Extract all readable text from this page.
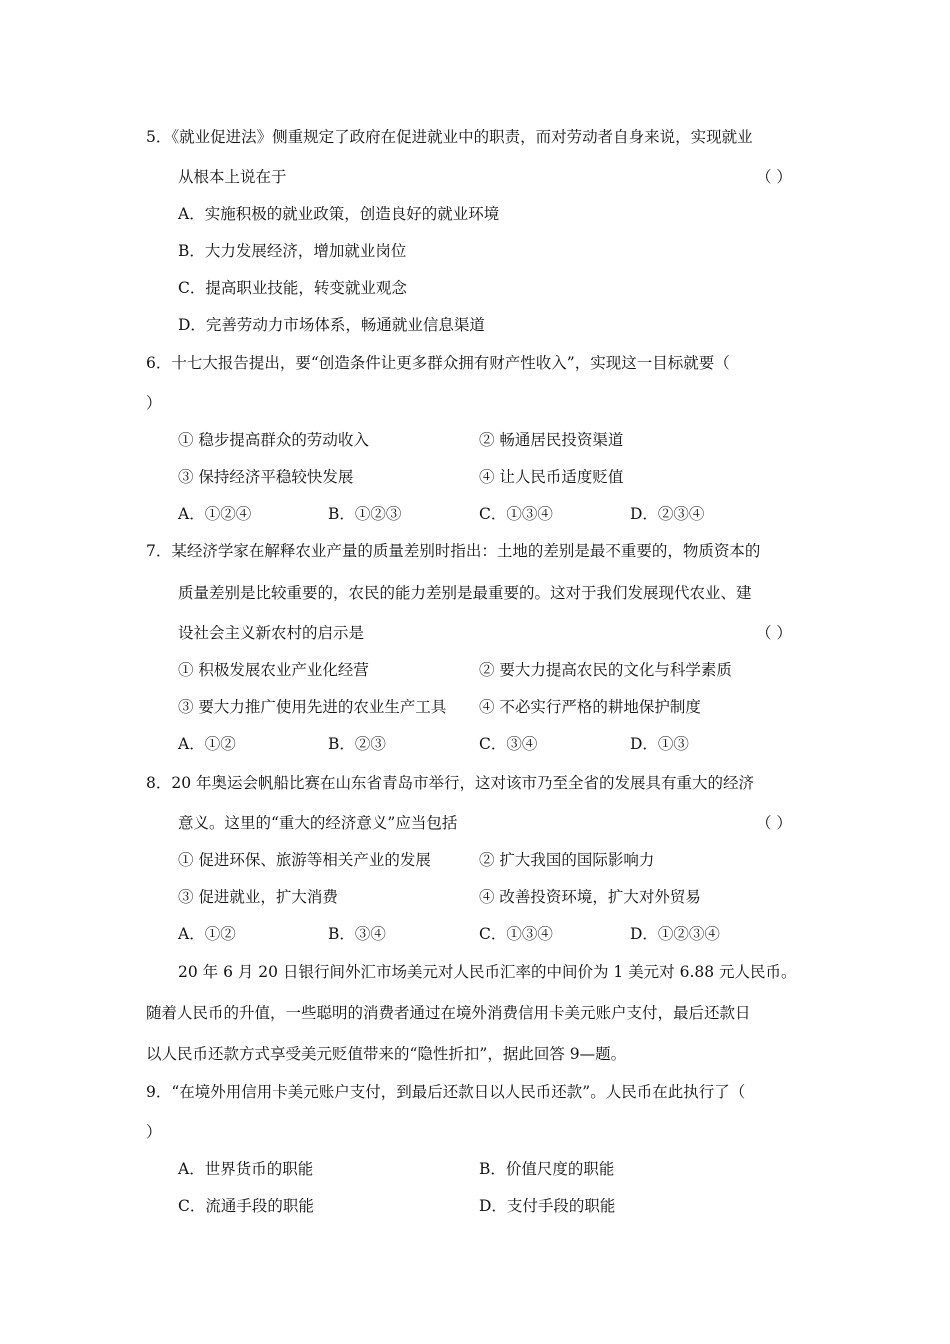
5．《就业促进法》侧重规定了政府在促进就业中的职责，而对劳动者自身来说，实现就业
从根本上说在于	（ ）
A．实施积极的就业政策，创造良好的就业环境
B．大力发展经济，增加就业岗位
C．提高职业技能，转变就业观念
D．完善劳动力市场体系，畅通就业信息渠道
6．十七大报告提出，要“创造条件让更多群众拥有财产性收入”，实现这一目标就要（
）
① 稳步提高群众的劳动收入	② 畅通居民投资渠道
③ 保持经济平稳较快发展	④ 让人民币适度贬值
A．①②④	B．①②③	C．①③④	D．②③④
7．某经济学家在解释农业产量的质量差别时指出：土地的差别是最不重要的，物质资本的
质量差别是比较重要的，农民的能力差别是最重要的。这对于我们发展现代农业、建
设社会主义新农村的启示是	（ ）
① 积极发展农业产业化经营	② 要大力提高农民的文化与科学素质
③ 要大力推广使用先进的农业生产工具 ④ 不必实行严格的耕地保护制度
A．①②	B．②③	C．③④	D．①③
8．20 年奥运会帆船比赛在山东省青岛市举行，这对该市乃至全省的发展具有重大的经济
意义。这里的“重大的经济意义”应当包括	（ ）
① 促进环保、旅游等相关产业的发展	② 扩大我国的国际影响力
③ 促进就业，扩大消费	④ 改善投资环境，扩大对外贸易
A．①②	B．③④	C．①③④	D．①②③④
20 年 6 月 20 日银行间外汇市场美元对人民币汇率的中间价为 1 美元对 6.88 元人民币。
随着人民币的升值，一些聪明的消费者通过在境外消费信用卡美元账户支付，最后还款日
以人民币还款方式享受美元贬值带来的“隐性折扣”，据此回答 9—题。
9．“在境外用信用卡美元账户支付，到最后还款日以人民币还款”。人民币在此执行了（
）
A．世界货币的职能	B．价值尺度的职能
C．流通手段的职能	D．支付手段的职能
